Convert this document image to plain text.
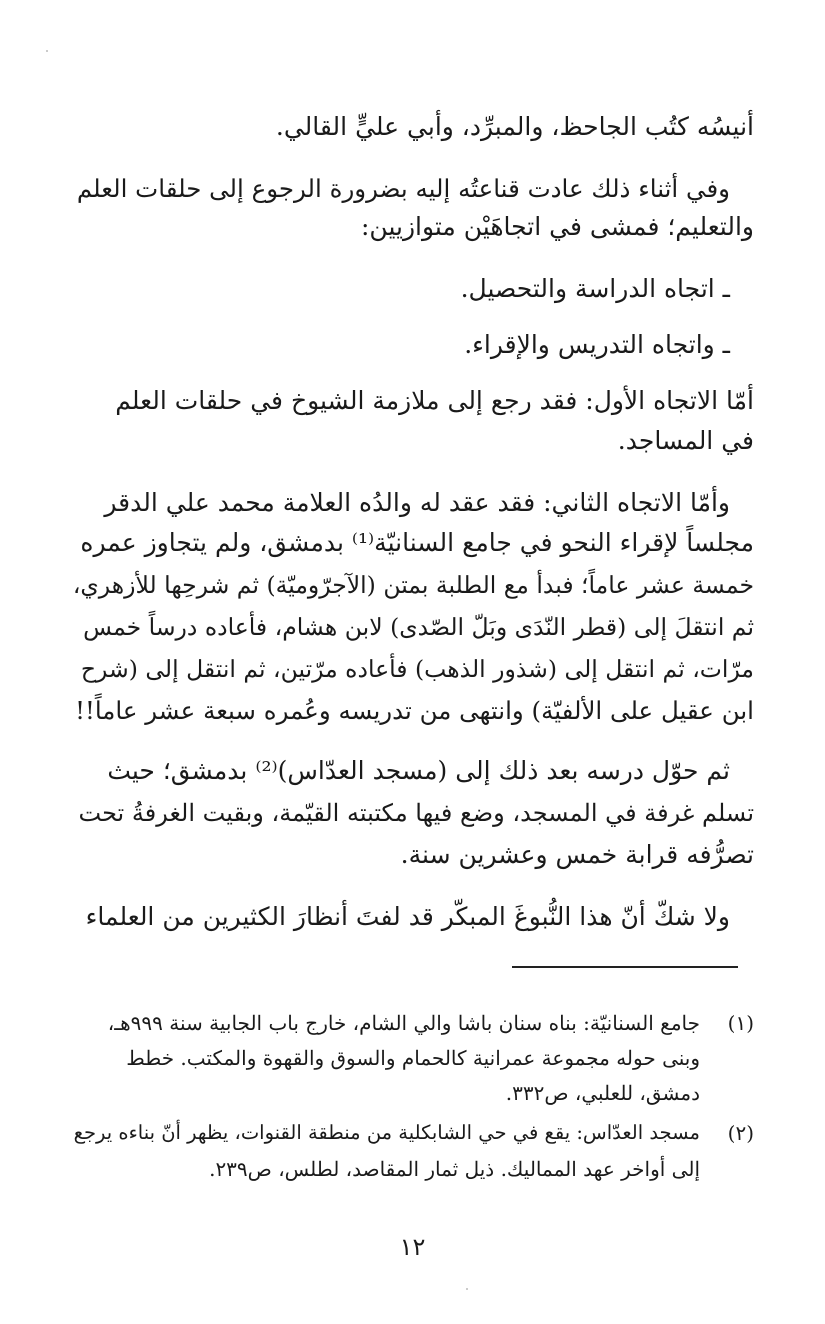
أنيسُه كتُب الجاحظ، والمبرِّد، وأبي عليٍّ القالي.
وفي أثناء ذلك عادت قناعتُه إليه بضرورة الرجوع إلى حلقات العلم
والتعليم؛ فمشى في اتجاهَيْن متوازيين:
ـ اتجاه الدراسة والتحصيل.
ـ واتجاه التدريس والإقراء.
أمّا الاتجاه الأول: فقد رجع إلى ملازمة الشيوخ في حلقات العلم
في المساجد.
وأمّا الاتجاه الثاني: فقد عقد له والدُه العلامة محمد علي الدقر
مجلساً لإقراء النحو في جامع السنانيّة⁽¹⁾ بدمشق، ولم يتجاوز عمره
خمسة عشر عاماً؛ فبدأ مع الطلبة بمتن (الآجرّوميّة) ثم شرحِها للأزهري،
ثم انتقلَ إلى (قطر النّدَى وبَلّ الصّدى) لابن هشام، فأعاده درساً خمس
مرّات، ثم انتقل إلى (شذور الذهب) فأعاده مرّتين، ثم انتقل إلى (شرح
ابن عقيل على الألفيّة) وانتهى من تدريسه وعُمره سبعة عشر عاماً!!
ثم حوّل درسه بعد ذلك إلى (مسجد العدّاس)⁽²⁾ بدمشق؛ حيث
تسلم غرفة في المسجد، وضع فيها مكتبته القيّمة، وبقيت الغرفةُ تحت
تصرُّفه قرابة خمس وعشرين سنة.
ولا شكّ أنّ هذا النُّبوغَ المبكّر قد لفتَ أنظارَ الكثيرين من العلماء
(١)
جامع السنانيّة: بناه سنان باشا والي الشام، خارج باب الجابية سنة ٩٩٩هـ،
وبنى حوله مجموعة عمرانية كالحمام والسوق والقهوة والمكتب. خطط
دمشق، للعلبي، ص٣٣٢.
(٢)
مسجد العدّاس: يقع في حي الشابكلية من منطقة القنوات، يظهر أنّ بناءه يرجع
إلى أواخر عهد المماليك. ذيل ثمار المقاصد، لطلس، ص٢٣٩.
١٢
